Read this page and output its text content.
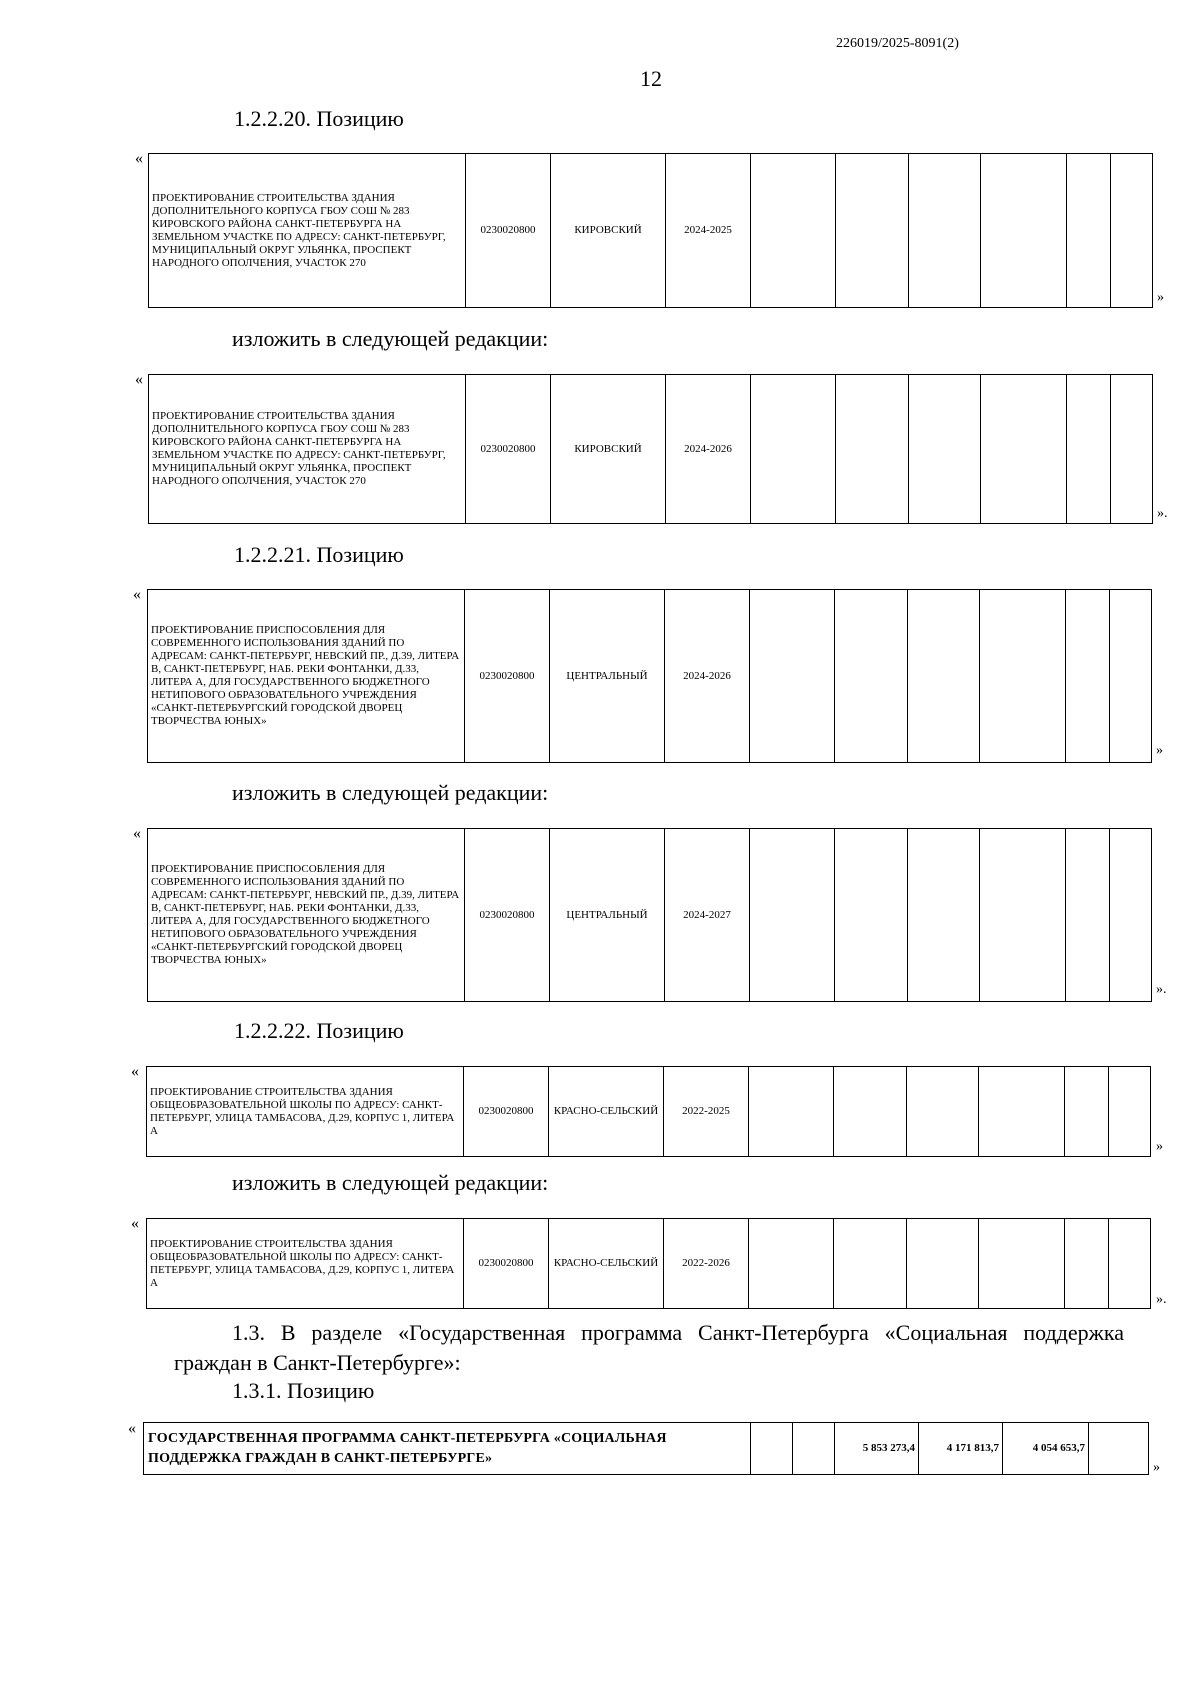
226019/2025-8091(2)
12
1.2.2.20. Позицию
«
ПРОЕКТИРОВАНИЕ СТРОИТЕЛЬСТВА ЗДАНИЯ ДОПОЛНИТЕЛЬНОГО КОРПУСА ГБОУ СОШ № 283 КИРОВСКОГО РАЙОНА САНКТ-ПЕТЕРБУРГА НА ЗЕМЕЛЬНОМ УЧАСТКЕ ПО АДРЕСУ: САНКТ-ПЕТЕРБУРГ, МУНИЦИПАЛЬНЫЙ ОКРУГ УЛЬЯНКА, ПРОСПЕКТ НАРОДНОГО ОПОЛЧЕНИЯ, УЧАСТОК 270	0230020800	КИРОВСКИЙ	2024-2025						
»
изложить в следующей редакции:
«
ПРОЕКТИРОВАНИЕ СТРОИТЕЛЬСТВА ЗДАНИЯ ДОПОЛНИТЕЛЬНОГО КОРПУСА ГБОУ СОШ № 283 КИРОВСКОГО РАЙОНА САНКТ-ПЕТЕРБУРГА НА ЗЕМЕЛЬНОМ УЧАСТКЕ ПО АДРЕСУ: САНКТ-ПЕТЕРБУРГ, МУНИЦИПАЛЬНЫЙ ОКРУГ УЛЬЯНКА, ПРОСПЕКТ НАРОДНОГО ОПОЛЧЕНИЯ, УЧАСТОК 270	0230020800	КИРОВСКИЙ	2024-2026						
».
1.2.2.21. Позицию
«
ПРОЕКТИРОВАНИЕ ПРИСПОСОБЛЕНИЯ ДЛЯ СОВРЕМЕННОГО ИСПОЛЬЗОВАНИЯ ЗДАНИЙ ПО АДРЕСАМ: САНКТ-ПЕТЕРБУРГ, НЕВСКИЙ ПР., Д.39, ЛИТЕРА В, САНКТ-ПЕТЕРБУРГ, НАБ. РЕКИ ФОНТАНКИ, Д.33, ЛИТЕРА А, ДЛЯ ГОСУДАРСТВЕННОГО БЮДЖЕТНОГО НЕТИПОВОГО ОБРАЗОВАТЕЛЬНОГО УЧРЕЖДЕНИЯ «САНКТ-ПЕТЕРБУРГСКИЙ ГОРОДСКОЙ ДВОРЕЦ ТВОРЧЕСТВА ЮНЫХ»	0230020800	ЦЕНТРАЛЬНЫЙ	2024-2026						
»
изложить в следующей редакции:
«
ПРОЕКТИРОВАНИЕ ПРИСПОСОБЛЕНИЯ ДЛЯ СОВРЕМЕННОГО ИСПОЛЬЗОВАНИЯ ЗДАНИЙ ПО АДРЕСАМ: САНКТ-ПЕТЕРБУРГ, НЕВСКИЙ ПР., Д.39, ЛИТЕРА В, САНКТ-ПЕТЕРБУРГ, НАБ. РЕКИ ФОНТАНКИ, Д.33, ЛИТЕРА А, ДЛЯ ГОСУДАРСТВЕННОГО БЮДЖЕТНОГО НЕТИПОВОГО ОБРАЗОВАТЕЛЬНОГО УЧРЕЖДЕНИЯ «САНКТ-ПЕТЕРБУРГСКИЙ ГОРОДСКОЙ ДВОРЕЦ ТВОРЧЕСТВА ЮНЫХ»	0230020800	ЦЕНТРАЛЬНЫЙ	2024-2027						
».
1.2.2.22. Позицию
«
ПРОЕКТИРОВАНИЕ СТРОИТЕЛЬСТВА ЗДАНИЯ ОБЩЕОБРАЗОВАТЕЛЬНОЙ ШКОЛЫ ПО АДРЕСУ: САНКТ-ПЕТЕРБУРГ, УЛИЦА ТАМБАСОВА, Д.29, КОРПУС 1, ЛИТЕРА А	0230020800	КРАСНО-СЕЛЬСКИЙ	2022-2025						
»
изложить в следующей редакции:
«
ПРОЕКТИРОВАНИЕ СТРОИТЕЛЬСТВА ЗДАНИЯ ОБЩЕОБРАЗОВАТЕЛЬНОЙ ШКОЛЫ ПО АДРЕСУ: САНКТ-ПЕТЕРБУРГ, УЛИЦА ТАМБАСОВА, Д.29, КОРПУС 1, ЛИТЕРА А	0230020800	КРАСНО-СЕЛЬСКИЙ	2022-2026						
».
1.3. В разделе «Государственная программа Санкт-Петербурга «Социальная поддержка граждан в Санкт-Петербурге»:
1.3.1. Позицию
«
ГОСУДАРСТВЕННАЯ ПРОГРАММА САНКТ-ПЕТЕРБУРГА «СОЦИАЛЬНАЯ ПОДДЕРЖКА ГРАЖДАН В САНКТ-ПЕТЕРБУРГЕ»			5 853 273,4	4 171 813,7	4 054 653,7	
»
